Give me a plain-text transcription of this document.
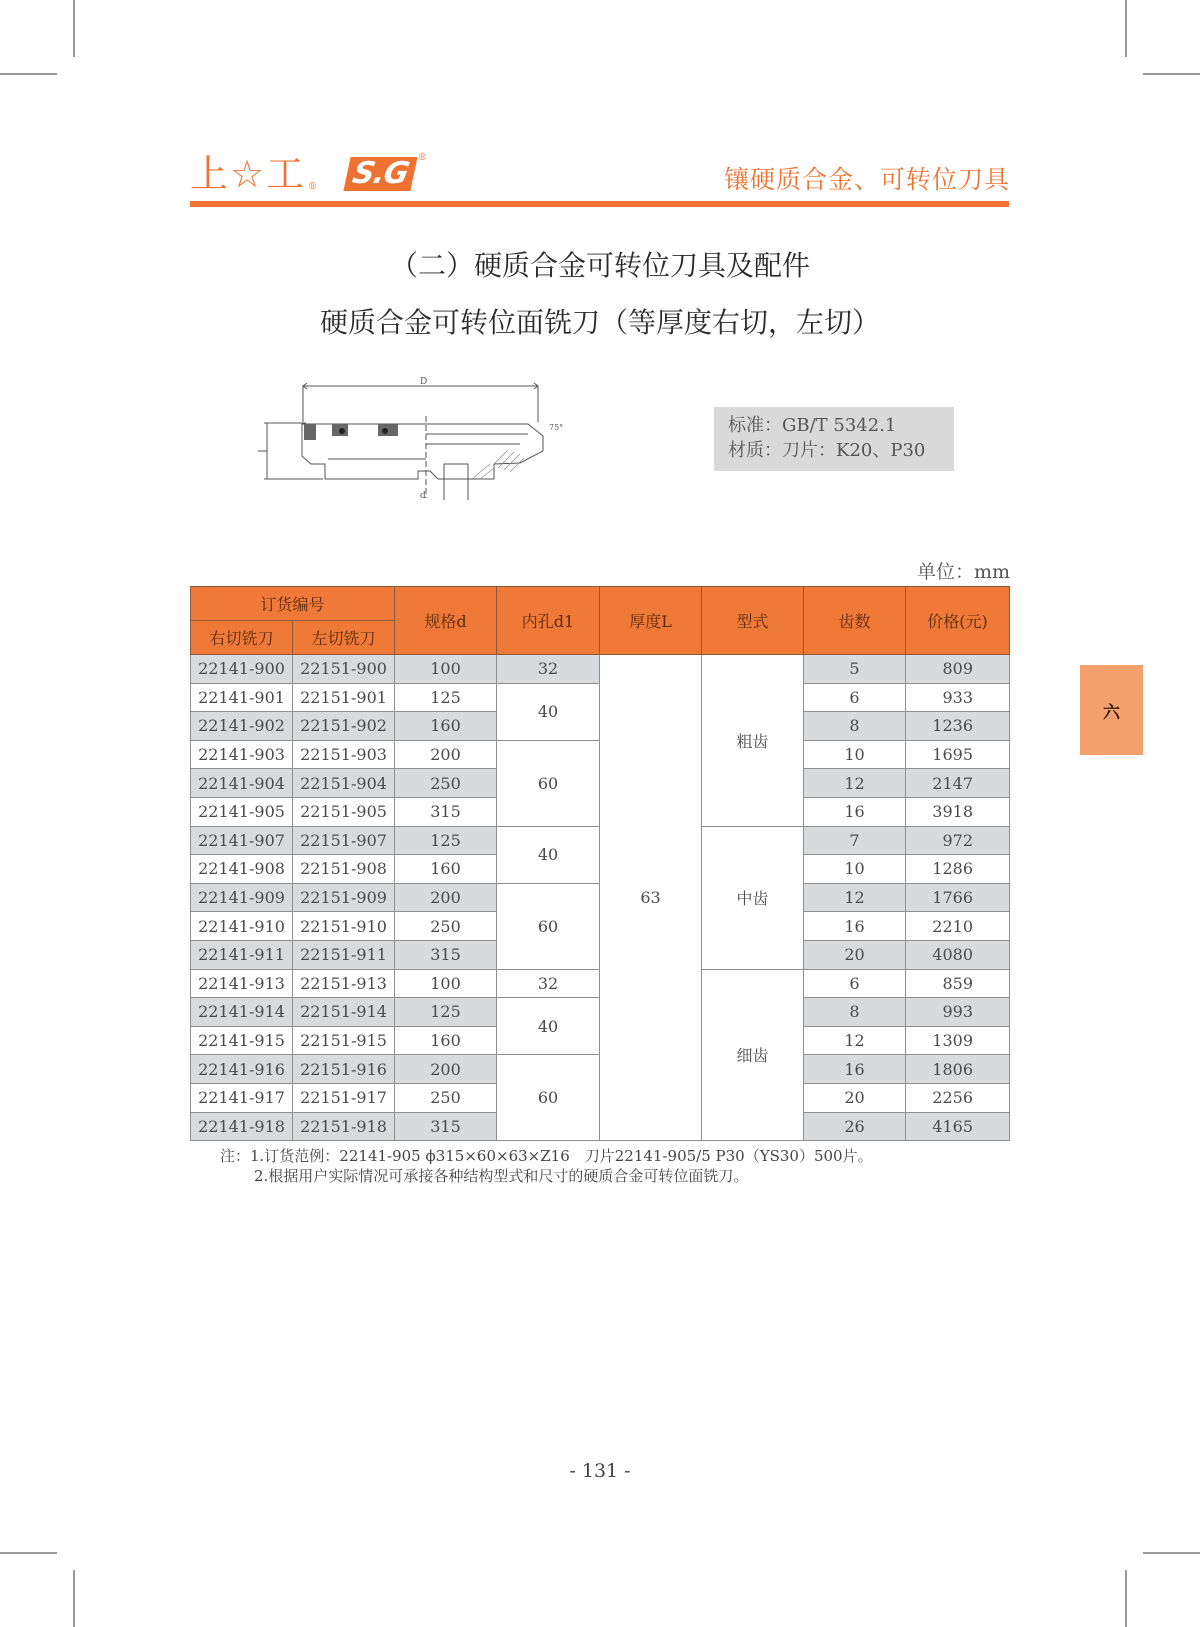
上☆工 ® S.G ®
镶硬质合金、可转位刀具
（二）硬质合金可转位刀具及配件
硬质合金可转位面铣刀（等厚度右切，左切）
D
d
75°	标准：GB/T 5342.1
材质：刀片：K20、P30
单位：mm
订货编号		规格d	内孔d1	厚度L	型式	齿数	价格(元)
右切铣刀	左切铣刀						
22141-900	22151-900	100	32	63	粗齿	5	809
22141-901	22151-901	125	40			6	933
22141-902	22151-902	160				8	1236
22141-903	22151-903	200	60			10	1695
22141-904	22151-904	250				12	2147
22141-905	22151-905	315				16	3918
22141-907	22151-907	125	40		中齿	7	972
22141-908	22151-908	160				10	1286
22141-909	22151-909	200	60			12	1766
22141-910	22151-910	250				16	2210
22141-911	22151-911	315				20	4080
22141-913	22151-913	100	32		细齿	6	859
22141-914	22151-914	125	40			8	993
22141-915	22151-915	160				12	1309
22141-916	22151-916	200	60			16	1806
22141-917	22151-917	250				20	2256
22141-918	22151-918	315				26	4165
注：1.订货范例：22141-905 ϕ315×60×63×Z16　刀片22141-905/5 P30（YS30）500片。
2.根据用户实际情况可承接各种结构型式和尺寸的硬质合金可转位面铣刀。
六
- 131 -
